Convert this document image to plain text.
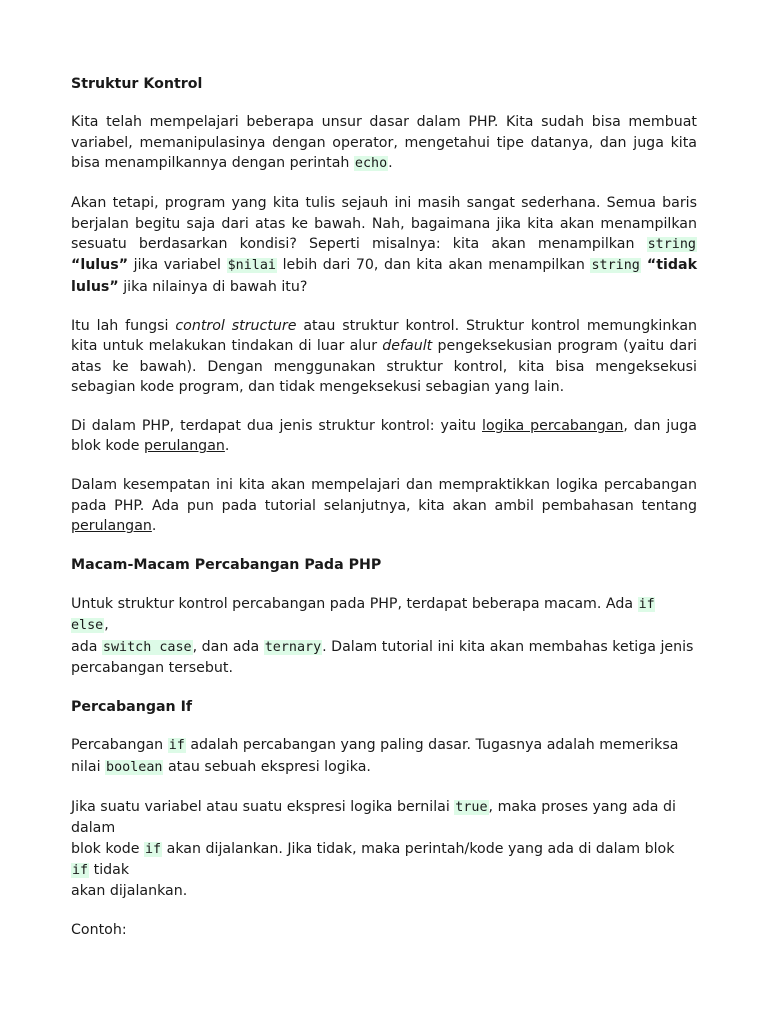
Struktur Kontrol

Kita telah mempelajari beberapa unsur dasar dalam PHP. Kita sudah bisa membuat variabel, memanipulasinya dengan operator, mengetahui tipe datanya, dan juga kita bisa menampilkannya dengan perintah echo.

Akan tetapi, program yang kita tulis sejauh ini masih sangat sederhana. Semua baris berjalan begitu saja dari atas ke bawah. Nah, bagaimana jika kita akan menampilkan sesuatu berdasarkan kondisi? Seperti misalnya: kita akan menampilkan string “lulus” jika variabel $nilai lebih dari 70, dan kita akan menampilkan string “tidak lulus” jika nilainya di bawah itu?

Itu lah fungsi control structure atau struktur kontrol. Struktur kontrol memungkinkan kita untuk melakukan tindakan di luar alur default pengeksekusian program (yaitu dari atas ke bawah). Dengan menggunakan struktur kontrol, kita bisa mengeksekusi sebagian kode program, dan tidak mengeksekusi sebagian yang lain.

Di dalam PHP, terdapat dua jenis struktur kontrol: yaitu logika percabangan, dan juga blok kode perulangan.

Dalam kesempatan ini kita akan mempelajari dan mempraktikkan logika percabangan pada PHP. Ada pun pada tutorial selanjutnya, kita akan ambil pembahasan tentang perulangan.

Macam-Macam Percabangan Pada PHP

Untuk struktur kontrol percabangan pada PHP, terdapat beberapa macam. Ada if else,
ada switch case, dan ada ternary. Dalam tutorial ini kita akan membahas ketiga jenis
percabangan tersebut.

Percabangan If

Percabangan if adalah percabangan yang paling dasar. Tugasnya adalah memeriksa
nilai boolean atau sebuah ekspresi logika.

Jika suatu variabel atau suatu ekspresi logika bernilai true, maka proses yang ada di dalam
blok kode if akan dijalankan. Jika tidak, maka perintah/kode yang ada di dalam blok if tidak
akan dijalankan.

Contoh:
